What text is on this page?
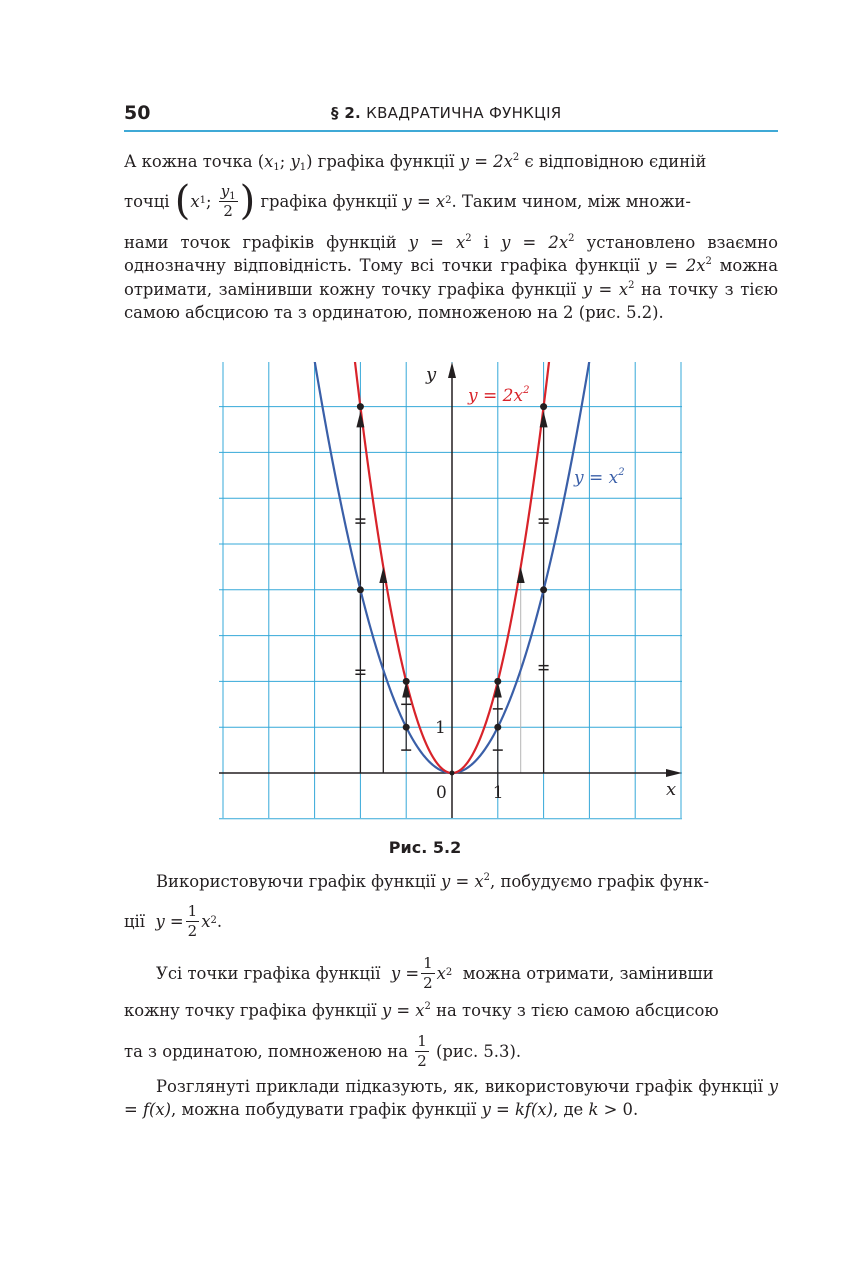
50	§ 2. КВАДРАТИЧНА ФУНКЦІЯ
А кожна точка ($x_1$; $y_1$) графіка функції $y = 2x^2$ є відповідною єдиній
точці
( x 1 ; $\frac{y_1}{2}$ )
графіка функції
y = x 2 . Таким чином, між множи-

нами точок графіків функцій $y = x^2$ і $y = 2x^2$ установлено взаємно однозначну відповідність. Тому всі точки графіка функції $y = 2x^2$ можна отримати, замінивши кожну точку графіка функції $y = x^2$ на точку з тією самою абсцисою та з ординатою, помноженою на 2 (рис. 5.2).

0	1
1
x
y
$y = 2x^2$
$y = x^2$
Рис. 5.2
Використовуючи графік функції $y = x^2$, побудуємо графік функ-
ції
$y = \frac{1}{2}$ x 2 .
Усі точки графіка функції
$y = \frac{1}{2}$ x 2
можна отримати, замінивши
кожну точку графіка функції $y = x^2$ на точку з тією самою абсцисою
та з ординатою, помноженою на
$\frac{1}{2}$
(рис. 5.3).

Розглянуті приклади підказують, як, використовуючи графік функції y = f(x), можна побудувати графік функції y = kf(x), де k > 0.
